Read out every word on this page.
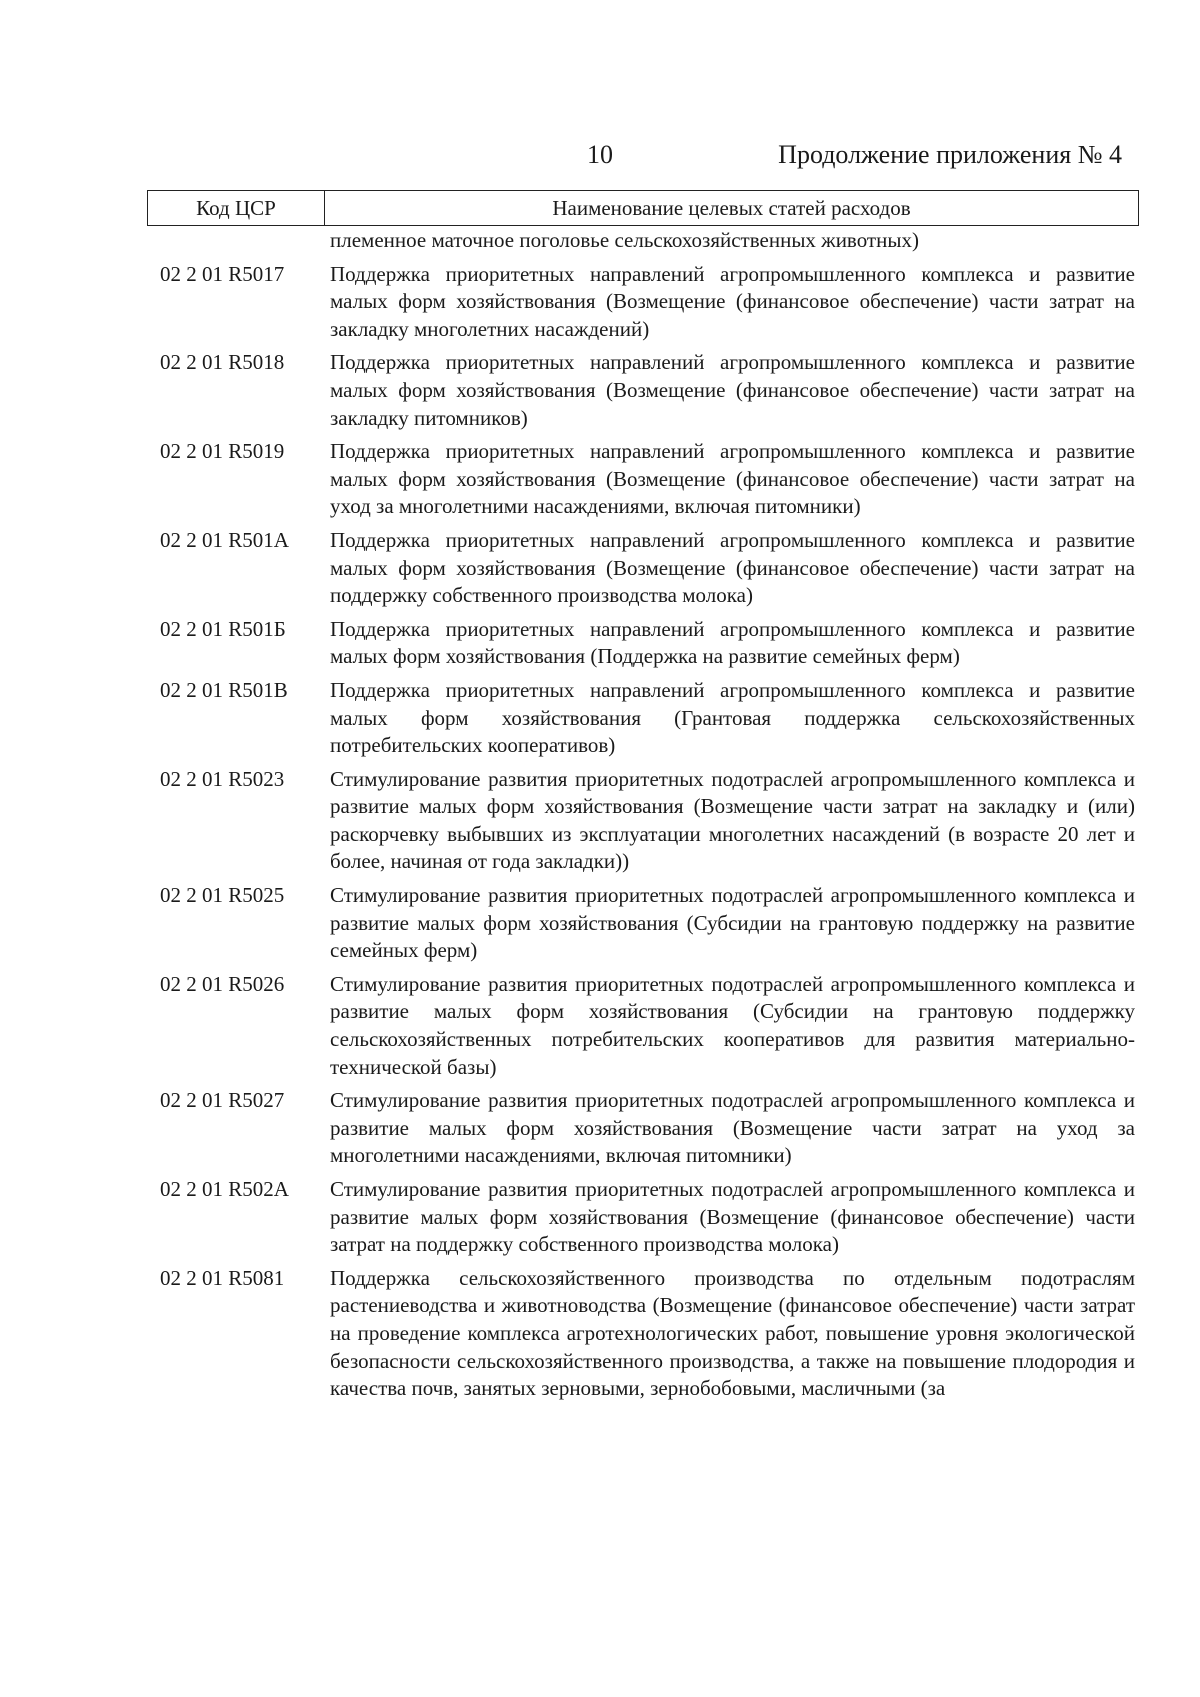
10	Продолжение приложения № 4
Код ЦСР	Наименование целевых статей расходов
племенное маточное поголовье сельскохозяйственных животных)
02 2 01 R5017	Поддержка приоритетных направлений агропромышленного комплекса и развитие малых форм хозяйствования (Возмещение (финансовое обеспечение) части затрат на закладку многолетних насаждений)
02 2 01 R5018	Поддержка приоритетных направлений агропромышленного комплекса и развитие малых форм хозяйствования (Возмещение (финансовое обеспечение) части затрат на закладку питомников)
02 2 01 R5019	Поддержка приоритетных направлений агропромышленного комплекса и развитие малых форм хозяйствования (Возмещение (финансовое обеспечение) части затрат на уход за многолетними насаждениями, включая питомники)
02 2 01 R501A	Поддержка приоритетных направлений агропромышленного комплекса и развитие малых форм хозяйствования (Возмещение (финансовое обеспечение) части затрат на поддержку собственного производства молока)
02 2 01 R501Б	Поддержка приоритетных направлений агропромышленного комплекса и развитие малых форм хозяйствования (Поддержка на развитие семейных ферм)
02 2 01 R501В	Поддержка приоритетных направлений агропромышленного комплекса и развитие малых форм хозяйствования (Грантовая поддержка сельскохозяйственных потребительских кооперативов)
02 2 01 R5023	Стимулирование развития приоритетных подотраслей агропромышленного комплекса и развитие малых форм хозяйствования (Возмещение части затрат на закладку и (или) раскорчевку выбывших из эксплуатации многолетних насаждений (в возрасте 20 лет и более, начиная от года закладки))
02 2 01 R5025	Стимулирование развития приоритетных подотраслей агропромышленного комплекса и развитие малых форм хозяйствования (Субсидии на грантовую поддержку на развитие семейных ферм)
02 2 01 R5026	Стимулирование развития приоритетных подотраслей агропромышленного комплекса и развитие малых форм хозяйствования (Субсидии на грантовую поддержку сельскохозяйственных потребительских кооперативов для развития материально-технической базы)
02 2 01 R5027	Стимулирование развития приоритетных подотраслей агропромышленного комплекса и развитие малых форм хозяйствования (Возмещение части затрат на уход за многолетними насаждениями, включая питомники)
02 2 01 R502A	Стимулирование развития приоритетных подотраслей агропромышленного комплекса и развитие малых форм хозяйствования (Возмещение (финансовое обеспечение) части затрат на поддержку собственного производства молока)
02 2 01 R5081	Поддержка сельскохозяйственного производства по отдельным подотраслям растениеводства и животноводства (Возмещение (финансовое обеспечение) части затрат на проведение комплекса агротехнологических работ, повышение уровня экологической безопасности сельскохозяйственного производства, а также на повышение плодородия и качества почв, занятых зерновыми, зернобобовыми, масличными (за
